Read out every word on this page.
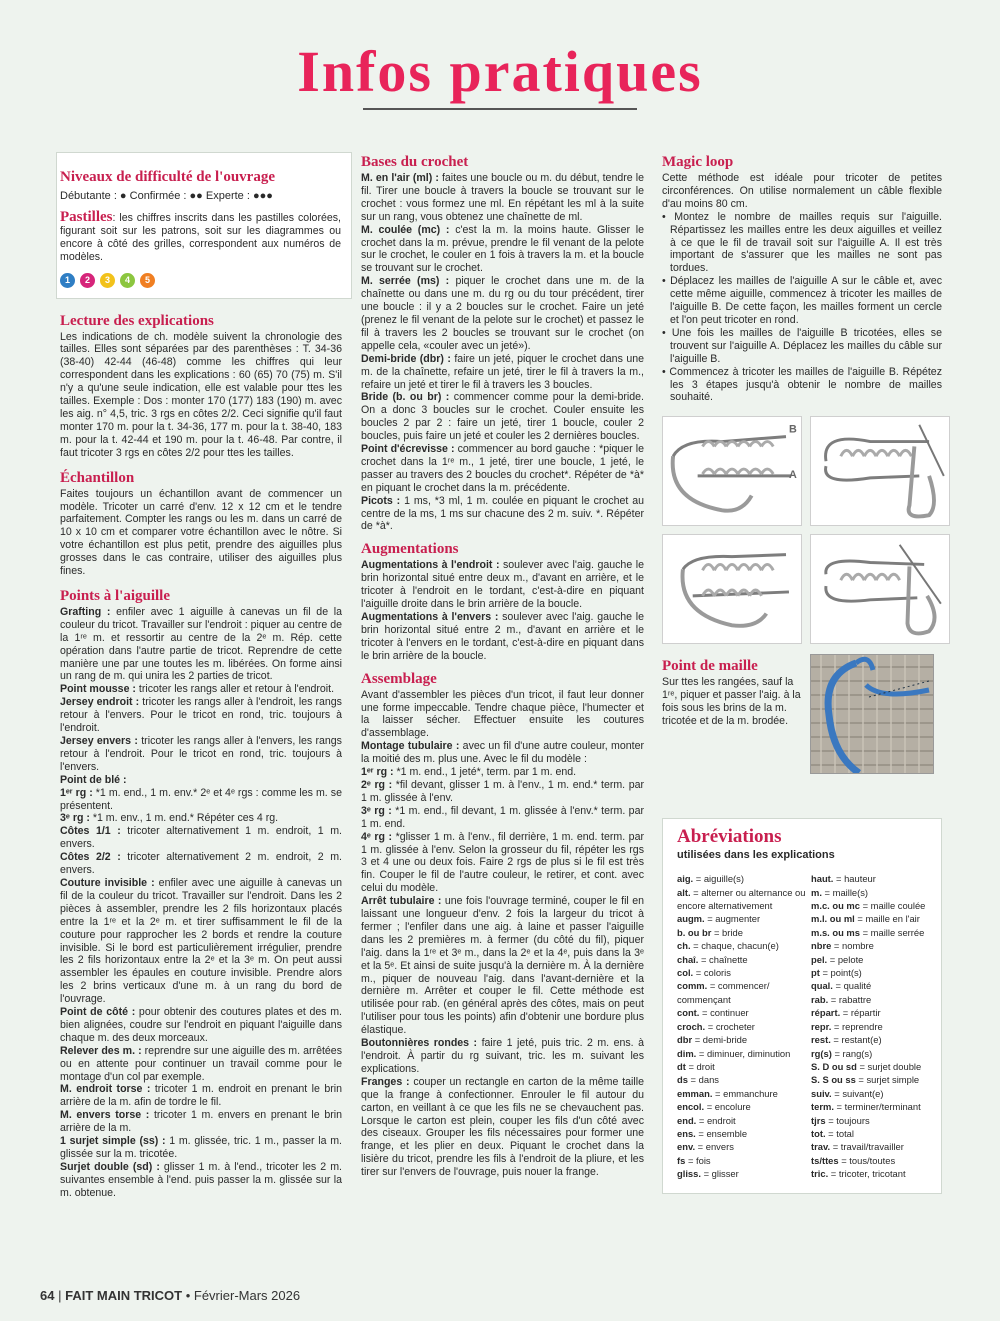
Infos pratiques
Niveaux de difficulté de l'ouvrage
Débutante : ● Confirmée : ●● Experte : ●●●

Pastilles: les chiffres inscrits dans les pastilles colorées, figurant soit sur les patrons, soit sur les diagrammes ou encore à côté des grilles, correspondent aux numéros de modèles.

1	2	3	4	5
Lecture des explications

Les indications de ch. modèle suivent la chronologie des tailles. Elles sont séparées par des parenthèses : T. 34-36 (38-40) 42-44 (46-48) comme les chiffres qui leur correspondent dans les explications : 60 (65) 70 (75) m. S'il n'y a qu'une seule indication, elle est valable pour ttes les tailles. Exemple : Dos : monter 170 (177) 183 (190) m. avec les aig. n° 4,5, tric. 3 rgs en côtes 2/2. Ceci signifie qu'il faut monter 170 m. pour la t. 34-36, 177 m. pour la t. 38-40, 183 m. pour la t. 42-44 et 190 m. pour la t. 46-48. Par contre, il faut tricoter 3 rgs en côtes 2/2 pour ttes les tailles.

Échantillon

Faites toujours un échantillon avant de commencer un modèle. Tricoter un carré d'env. 12 x 12 cm et le tendre parfaitement. Compter les rangs ou les m. dans un carré de 10 x 10 cm et comparer votre échantillon avec le nôtre. Si votre échantillon est plus petit, prendre des aiguilles plus grosses dans le cas contraire, utiliser des aiguilles plus fines.

Points à l'aiguille

Grafting : enfiler avec 1 aiguille à canevas un fil de la couleur du tricot. Travailler sur l'endroit : piquer au centre de la 1ʳᵉ m. et ressortir au centre de la 2ᵉ m. Rép. cette opération dans l'autre partie de tricot. Reprendre de cette manière une par une toutes les m. libérées. On forme ainsi un rang de m. qui unira les 2 parties de tricot.

Point mousse : tricoter les rangs aller et retour à l'endroit.

Jersey endroit : tricoter les rangs aller à l'endroit, les rangs retour à l'envers. Pour le tricot en rond, tric. toujours à l'endroit.

Jersey envers : tricoter les rangs aller à l'envers, les rangs retour à l'endroit. Pour le tricot en rond, tric. toujours à l'envers.

Point de blé :

1ᵉʳ rg : *1 m. end., 1 m. env.* 2ᵉ et 4ᵉ rgs : comme les m. se présentent.

3ᵉ rg : *1 m. env., 1 m. end.* Répéter ces 4 rg.

Côtes 1/1 : tricoter alternativement 1 m. endroit, 1 m. envers.

Côtes 2/2 : tricoter alternativement 2 m. endroit, 2 m. envers.

Couture invisible : enfiler avec une aiguille à canevas un fil de la couleur du tricot. Travailler sur l'endroit. Dans les 2 pièces à assembler, prendre les 2 fils horizontaux placés entre la 1ʳᵉ et la 2ᵉ m. et tirer suffisamment le fil de la couture pour rapprocher les 2 bords et rendre la couture invisible. Si le bord est particulièrement irrégulier, prendre les 2 fils horizontaux entre la 2ᵉ et la 3ᵉ m. On peut aussi assembler les épaules en couture invisible. Prendre alors les 2 brins verticaux d'une m. à un rang du bord de l'ouvrage.

Point de côté : pour obtenir des coutures plates et des m. bien alignées, coudre sur l'endroit en piquant l'aiguille dans chaque m. des deux morceaux.

Relever des m. : reprendre sur une aiguille des m. arrêtées ou en attente pour continuer un travail comme pour le montage d'un col par exemple.

M. endroit torse : tricoter 1 m. endroit en prenant le brin arrière de la m. afin de tordre le fil.

M. envers torse : tricoter 1 m. envers en prenant le brin arrière de la m.

1 surjet simple (ss) : 1 m. glissée, tric. 1 m., passer la m. glissée sur la m. tricotée.

Surjet double (sd) : glisser 1 m. à l'end., tricoter les 2 m. suivantes ensemble à l'end. puis passer la m. glissée sur la m. obtenue.

Bases du crochet

M. en l'air (ml) : faites une boucle ou m. du début, tendre le fil. Tirer une boucle à travers la boucle se trouvant sur le crochet : vous formez une ml. En répétant les ml à la suite sur un rang, vous obtenez une chaînette de ml.

M. coulée (mc) : c'est la m. la moins haute. Glisser le crochet dans la m. prévue, prendre le fil venant de la pelote sur le crochet, le couler en 1 fois à travers la m. et la boucle se trouvant sur le crochet.

M. serrée (ms) : piquer le crochet dans une m. de la chaînette ou dans une m. du rg ou du tour précédent, tirer une boucle : il y a 2 boucles sur le crochet. Faire un jeté (prenez le fil venant de la pelote sur le crochet) et passez le fil à travers les 2 boucles se trouvant sur le crochet (on appelle cela, «couler avec un jeté»).

Demi-bride (dbr) : faire un jeté, piquer le crochet dans une m. de la chaînette, refaire un jeté, tirer le fil à travers la m., refaire un jeté et tirer le fil à travers les 3 boucles.

Bride (b. ou br) : commencer comme pour la demi-bride. On a donc 3 boucles sur le crochet. Couler ensuite les boucles 2 par 2 : faire un jeté, tirer 1 boucle, couler 2 boucles, puis faire un jeté et couler les 2 dernières boucles.

Point d'écrevisse : commencer au bord gauche : *piquer le crochet dans la 1ʳᵉ m., 1 jeté, tirer une boucle, 1 jeté, le passer au travers des 2 boucles du crochet*. Répéter de *à* en piquant le crochet dans la m. précédente.

Picots : 1 ms, *3 ml, 1 m. coulée en piquant le crochet au centre de la ms, 1 ms sur chacune des 2 m. suiv. *. Répéter de *à*.

Augmentations

Augmentations à l'endroit : soulever avec l'aig. gauche le brin horizontal situé entre deux m., d'avant en arrière, et le tricoter à l'endroit en le tordant, c'est-à-dire en piquant l'aiguille droite dans le brin arrière de la boucle.

Augmentations à l'envers : soulever avec l'aig. gauche le brin horizontal situé entre 2 m., d'avant en arrière et le tricoter à l'envers en le tordant, c'est-à-dire en piquant dans le brin arrière de la boucle.

Assemblage

Avant d'assembler les pièces d'un tricot, il faut leur donner une forme impeccable. Tendre chaque pièce, l'humecter et la laisser sécher. Effectuer ensuite les coutures d'assemblage.

Montage tubulaire : avec un fil d'une autre couleur, monter la moitié des m. plus une. Avec le fil du modèle :

1ᵉʳ rg : *1 m. end., 1 jeté*, term. par 1 m. end.

2ᵉ rg : *fil devant, glisser 1 m. à l'env., 1 m. end.* term. par 1 m. glissée à l'env.

3ᵉ rg : *1 m. end., fil devant, 1 m. glissée à l'env.* term. par 1 m. end.

4ᵉ rg : *glisser 1 m. à l'env., fil derrière, 1 m. end. term. par 1 m. glissée à l'env. Selon la grosseur du fil, répéter les rgs 3 et 4 une ou deux fois. Faire 2 rgs de plus si le fil est très fin. Couper le fil de l'autre couleur, le retirer, et cont. avec celui du modèle.

Arrêt tubulaire : une fois l'ouvrage terminé, couper le fil en laissant une longueur d'env. 2 fois la largeur du tricot à fermer ; l'enfiler dans une aig. à laine et passer l'aiguille dans les 2 premières m. à fermer (du côté du fil), piquer l'aig. dans la 1ʳᵉ et 3ᵉ m., dans la 2ᵉ et la 4ᵉ, puis dans la 3ᵉ et la 5ᵉ. Et ainsi de suite jusqu'à la dernière m. À la dernière m., piquer de nouveau l'aig. dans l'avant-dernière et la dernière m. Arrêter et couper le fil. Cette méthode est utilisée pour rab. (en général après des côtes, mais on peut l'utiliser pour tous les points) afin d'obtenir une bordure plus élastique.

Boutonnières rondes : faire 1 jeté, puis tric. 2 m. ens. à l'endroit. À partir du rg suivant, tric. les m. suivant les explications.

Franges : couper un rectangle en carton de la même taille que la frange à confectionner. Enrouler le fil autour du carton, en veillant à ce que les fils ne se chevauchent pas. Lorsque le carton est plein, couper les fils d'un côté avec des ciseaux. Grouper les fils nécessaires pour former une frange, et les plier en deux. Piquant le crochet dans la lisière du tricot, prendre les fils à l'endroit de la pliure, et les tirer sur l'envers de l'ouvrage, puis nouer la frange.

Magic loop

Cette méthode est idéale pour tricoter de petites circonférences. On utilise normalement un câble flexible d'au moins 80 cm.

• Montez le nombre de mailles requis sur l'aiguille. Répartissez les mailles entre les deux aiguilles et veillez à ce que le fil de travail soit sur l'aiguille A. Il est très important de s'assurer que les mailles ne sont pas tordues.

• Déplacez les mailles de l'aiguille A sur le câble et, avec cette même aiguille, commencez à tricoter les mailles de l'aiguille B. De cette façon, les mailles forment un cercle et l'on peut tricoter en rond.

• Une fois les mailles de l'aiguille B tricotées, elles se trouvent sur l'aiguille A. Déplacez les mailles du câble sur l'aiguille B.

• Commencez à tricoter les mailles de l'aiguille B. Répétez les 3 étapes jusqu'à obtenir le nombre de mailles souhaité.

B
A
Point de maille

Sur ttes les rangées, sauf la 1ʳᵉ, piquer et passer l'aig. à la fois sous les brins de la m. tricotée et de la m. brodée.

Abréviations
utilisées dans les explications
aig. = aiguille(s)
alt. = alterner ou alternance ou encore alternativement
augm. = augmenter
b. ou br = bride
ch. = chaque, chacun(e)
chaî. = chaînette
col. = coloris
comm. = commencer/ commençant
cont. = continuer
croch. = crocheter
dbr = demi-bride
dim. = diminuer, diminution
dt = droit
ds = dans
emman. = emmanchure
encol. = encolure
end. = endroit
ens. = ensemble
env. = envers
fs = fois
gliss. = glisser
haut. = hauteur
m. = maille(s)
m.c. ou mc = maille coulée
m.l. ou ml = maille en l'air
m.s. ou ms = maille serrée
nbre = nombre
pel. = pelote
pt = point(s)
qual. = qualité
rab. = rabattre
répart. = répartir
repr. = reprendre
rest. = restant(e)
rg(s) = rang(s)
S. D ou sd = surjet double
S. S ou ss = surjet simple
suiv. = suivant(e)
term. = terminer/terminant
tjrs = toujours
tot. = total
trav. = travail/travailler
ts/ttes = tous/toutes
tric. = tricoter, tricotant
64 | FAIT MAIN TRICOT • Février-Mars 2026
